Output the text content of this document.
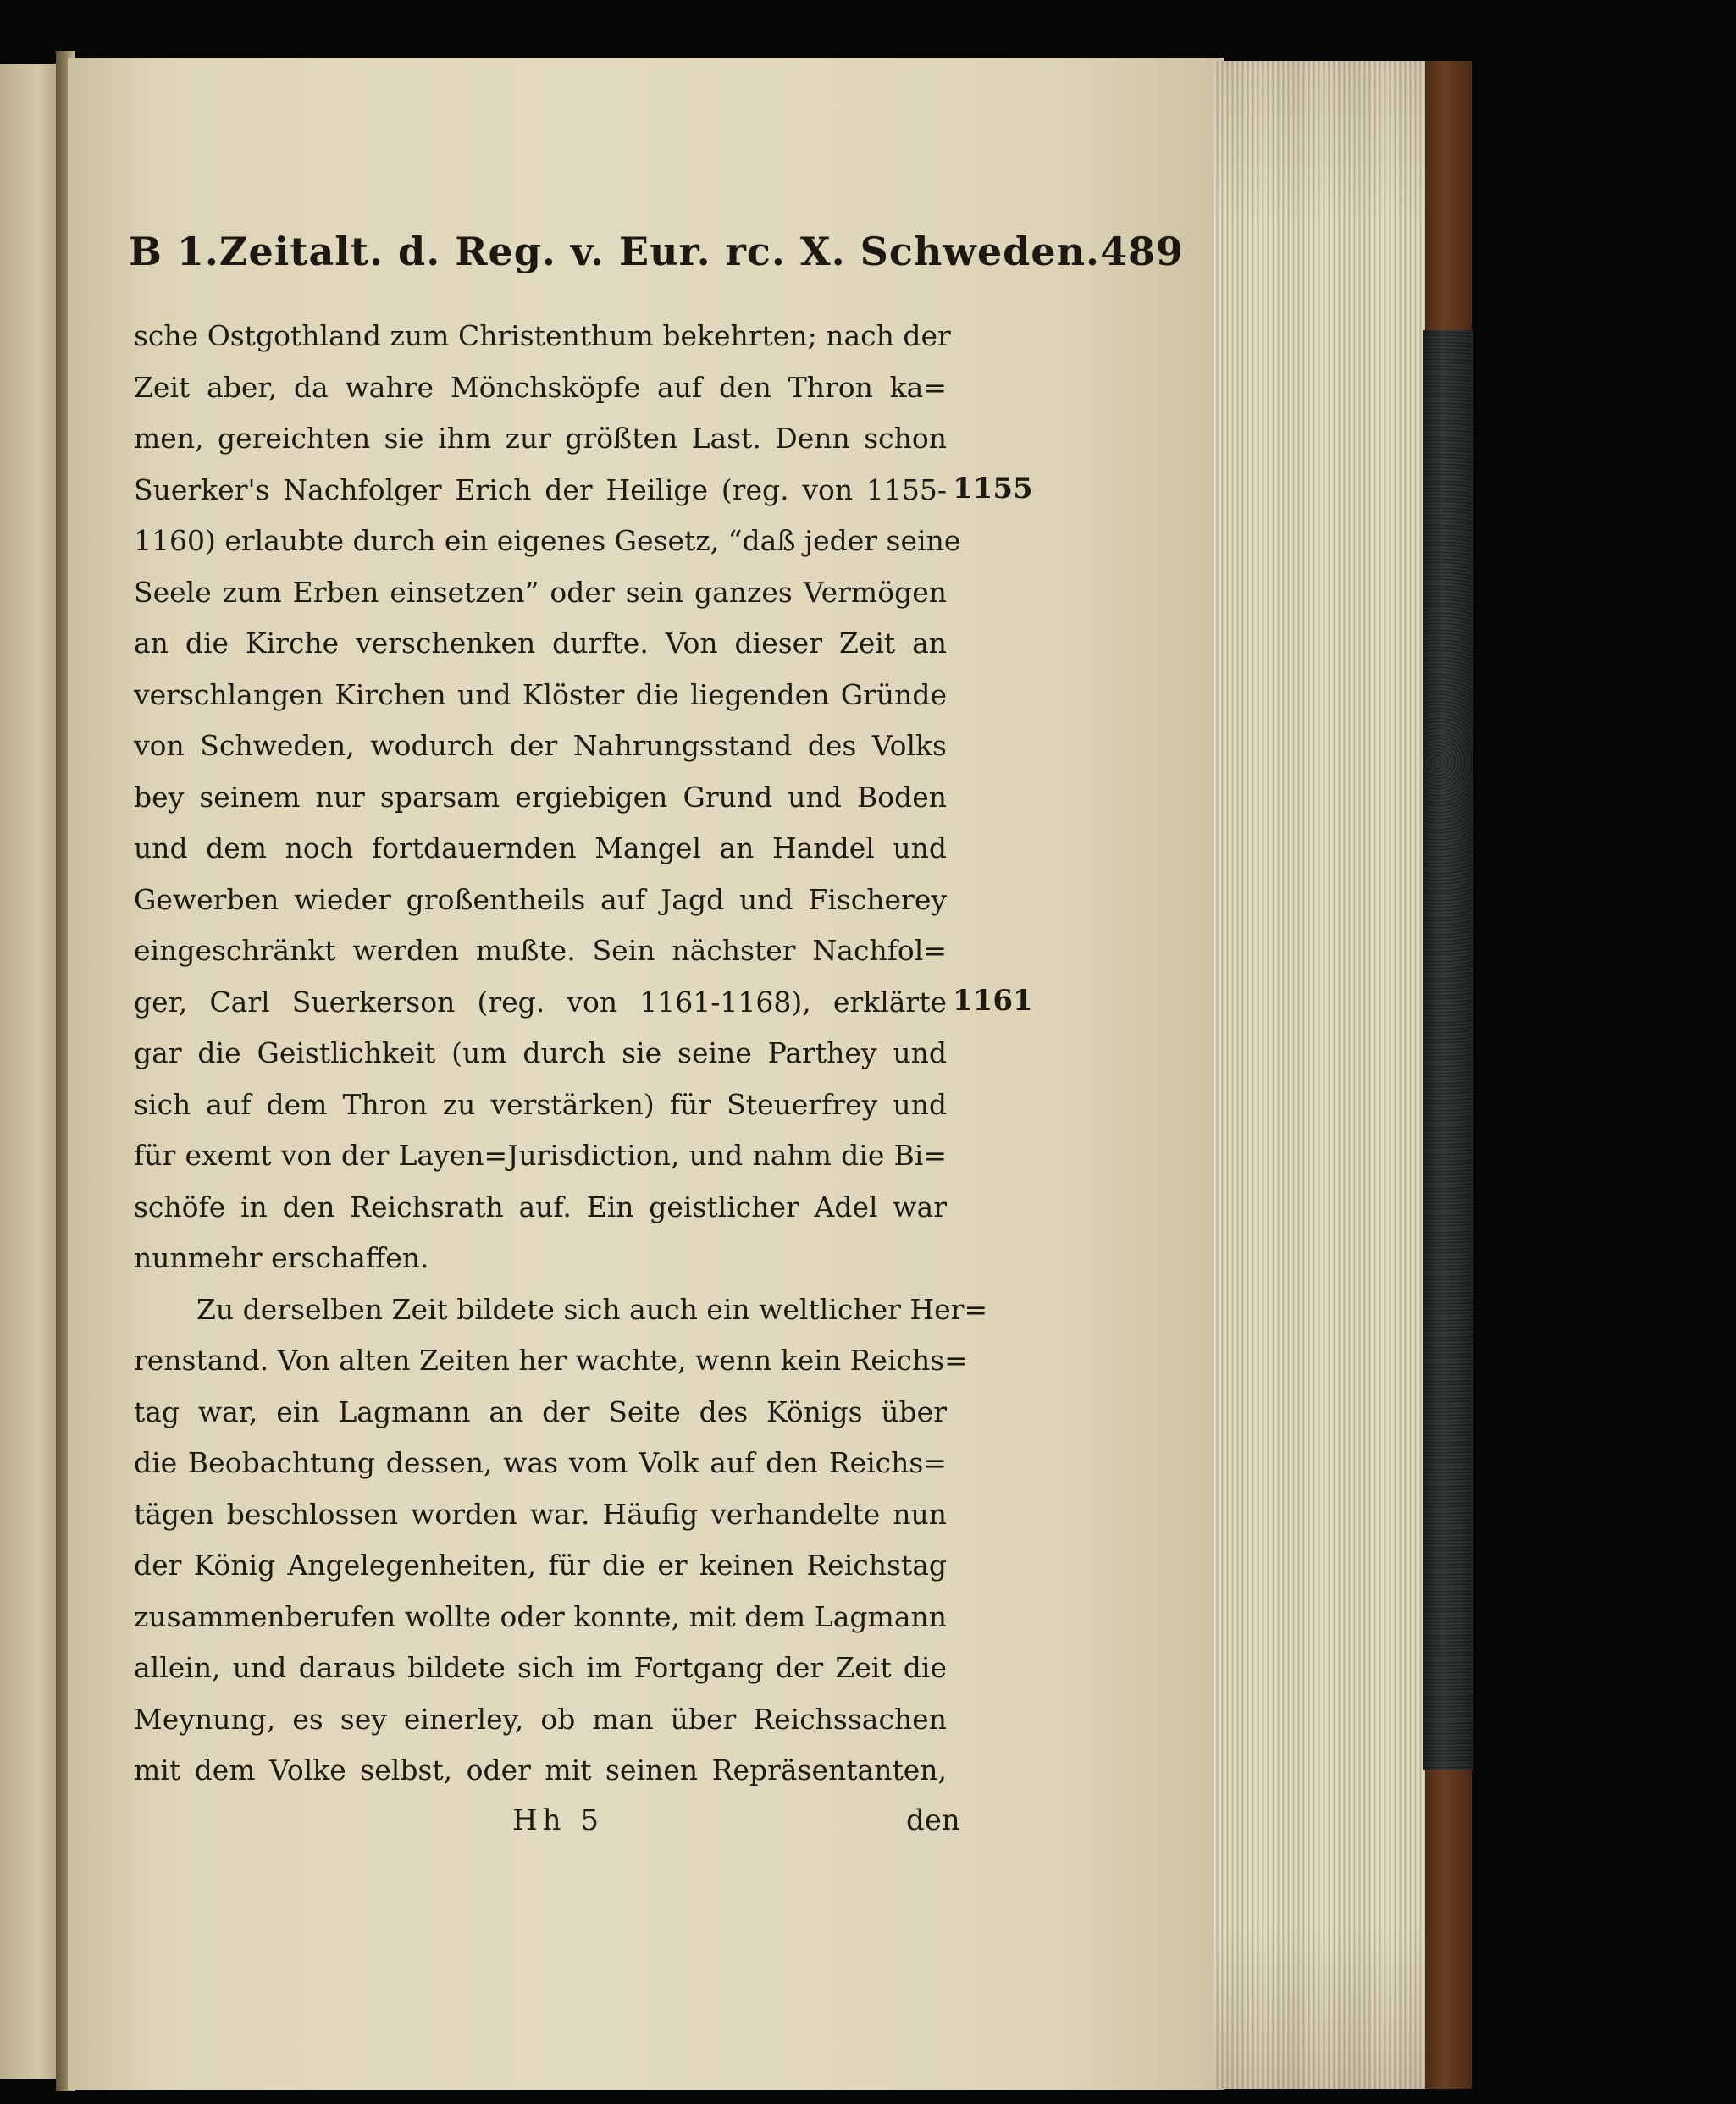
B 1.Zeitalt. d. Reg. v. Eur. rc. X. Schweden. 489
sche Ostgothland zum Christenthum bekehrten; nach der
Zeit aber, da wahre Mönchsköpfe auf den Thron ka=
men, gereichten sie ihm zur größten Last. Denn schon
Suerker's Nachfolger Erich der Heilige (reg. von 1155-
1160) erlaubte durch ein eigenes Gesetz, “daß jeder seine
Seele zum Erben einsetzen” oder sein ganzes Vermögen
an die Kirche verschenken durfte. Von dieser Zeit an
verschlangen Kirchen und Klöster die liegenden Gründe
von Schweden, wodurch der Nahrungsstand des Volks
bey seinem nur sparsam ergiebigen Grund und Boden
und dem noch fortdauernden Mangel an Handel und
Gewerben wieder großentheils auf Jagd und Fischerey
eingeschränkt werden mußte. Sein nächster Nachfol=
ger, Carl Suerkerson (reg. von 1161-1168), erklärte
gar die Geistlichkeit (um durch sie seine Parthey und
sich auf dem Thron zu verstärken) für Steuerfrey und
für exemt von der Layen=Jurisdiction, und nahm die Bi=
schöfe in den Reichsrath auf. Ein geistlicher Adel war
nunmehr erschaffen.
Zu derselben Zeit bildete sich auch ein weltlicher Her=
renstand. Von alten Zeiten her wachte, wenn kein Reichs=
tag war, ein Lagmann an der Seite des Königs über
die Beobachtung dessen, was vom Volk auf den Reichs=
tägen beschlossen worden war. Häufig verhandelte nun
der König Angelegenheiten, für die er keinen Reichstag
zusammenberufen wollte oder konnte, mit dem Lagmann
allein, und daraus bildete sich im Fortgang der Zeit die
Meynung, es sey einerley, ob man über Reichssachen
mit dem Volke selbst, oder mit seinen Repräsentanten,
1155
1161
Hh 5	den
